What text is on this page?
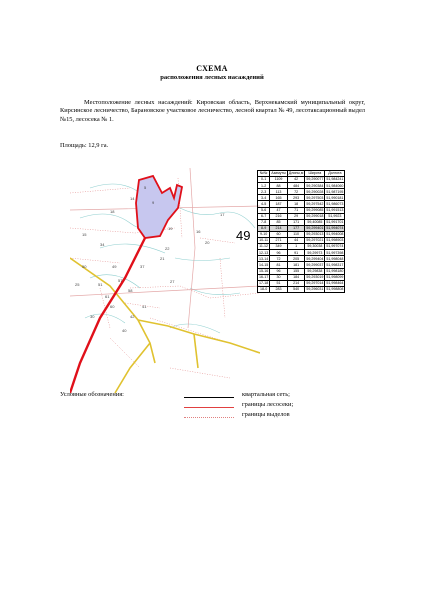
СХЕМА
расположения лесных насаждений
Местоположение лесных насаждений: Кировская область, Верхнекамский муниципальный округ, Кирсинское лесничество, Барановское участковое лесничество, лесной квартал № 49, лесотаксационный выдел №15, лесосека № 1.
Площадь: 12,9 га.
49
5
9
14
18
17
16
19
15
20
22
21
27
34
50	49	37
57
51
58
61
41
42
40
60
25
30
№№	Азимуты	Длины,м	Широта	Долгота
0-1	1109	42	59,290077	51,984241
1-2	88	484	59,290384	51,984060
2-3	113	72	59,290028	51,987195
3-4	165	293	59,297503	51,990181
4-5	187	18	59,297542	51,986073
5-6	47	71	59,299085	51,991513
6-7	216	29	59,299018	51,9923
7-8	85	171	59,40085	51,991701
8-9	214	177	59,299401	51,994074
9-10	60	110	59,293013	51,994008
10-11	271	44	59,297021	51,998903
11-12	349	1	59,30038	51,997074
12-13	96	91	59,29973	51,997398
13-14	72	205	59,299404	51,998048
14-15	81	181	59,299037	51,998317
15-16	96	155	59,29838	51,998180
16-17	30	184	59,293019	51,998099
17-18	51	214	59,297014	51,998464
18-0	283	540	59,296031	51,998808
Условные обозначения:	квартальная сеть;
границы лесосеки;
границы выделов
